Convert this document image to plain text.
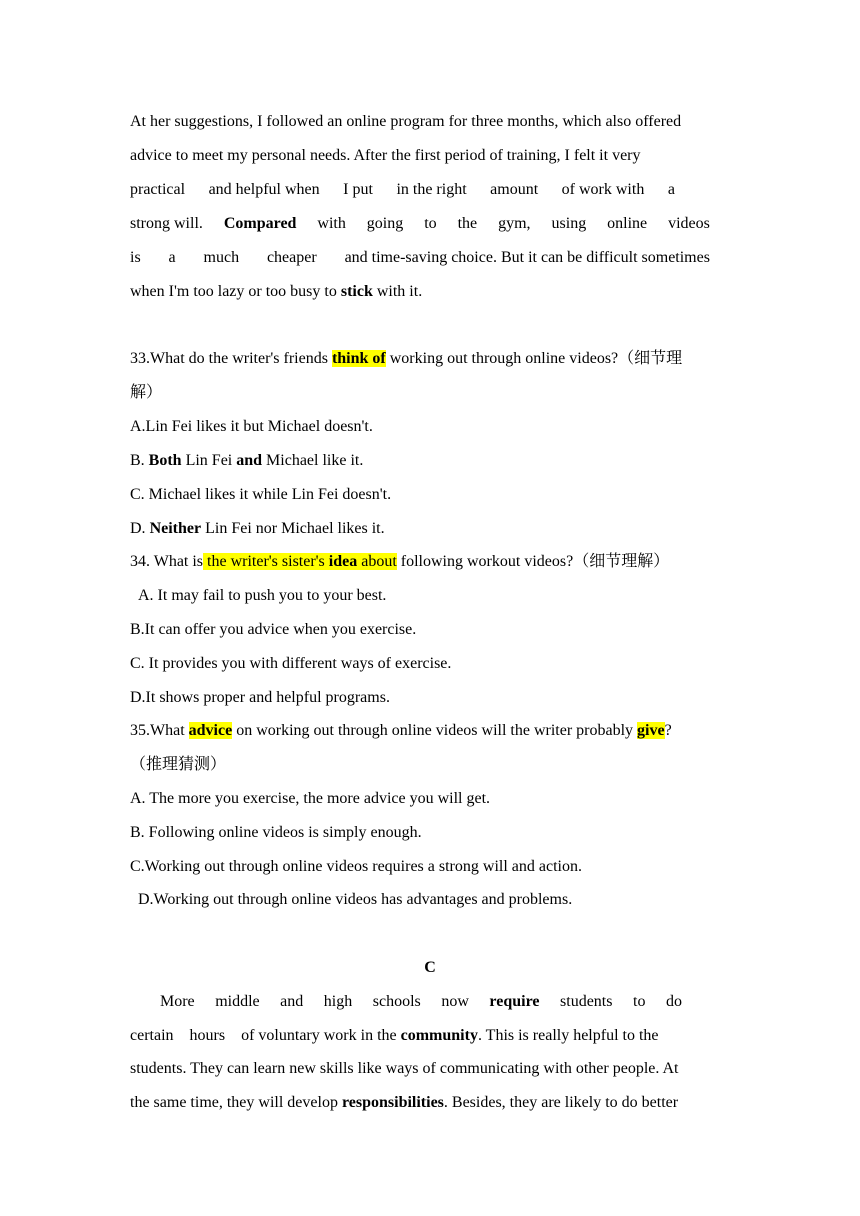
At her suggestions, I followed an online program for three months, which also offered
advice to meet my personal needs. After the first period of training, I felt it very
practical and helpful when I put in the right amount of work with a
strong will. Compared with going to the gym, using online videos
is a much cheaper and time-saving choice. But it can be difficult sometimes
when I'm too lazy or too busy to stick with it.
33.What do the writer's friends think of working out through online videos?（细节理
解）
A.Lin Fei likes it but Michael doesn't.
B. Both Lin Fei and Michael like it.
C. Michael likes it while Lin Fei doesn't.
D. Neither Lin Fei nor Michael likes it.
34. What is the writer's sister's idea about following workout videos?（细节理解）
A. It may fail to push you to your best.
B.It can offer you advice when you exercise.
C. It provides you with different ways of exercise.
D.It shows proper and helpful programs.
35.What advice on working out through online videos will the writer probably give?
（推理猜测）
A. The more you exercise, the more advice you will get.
B. Following online videos is simply enough.
C.Working out through online videos requires a strong will and action.
D.Working out through online videos has advantages and problems.
C
More middle and high schools now require students to do
certain hours of voluntary work in the community. This is really helpful to the
students. They can learn new skills like ways of communicating with other people. At
the same time, they will develop responsibilities. Besides, they are likely to do better
